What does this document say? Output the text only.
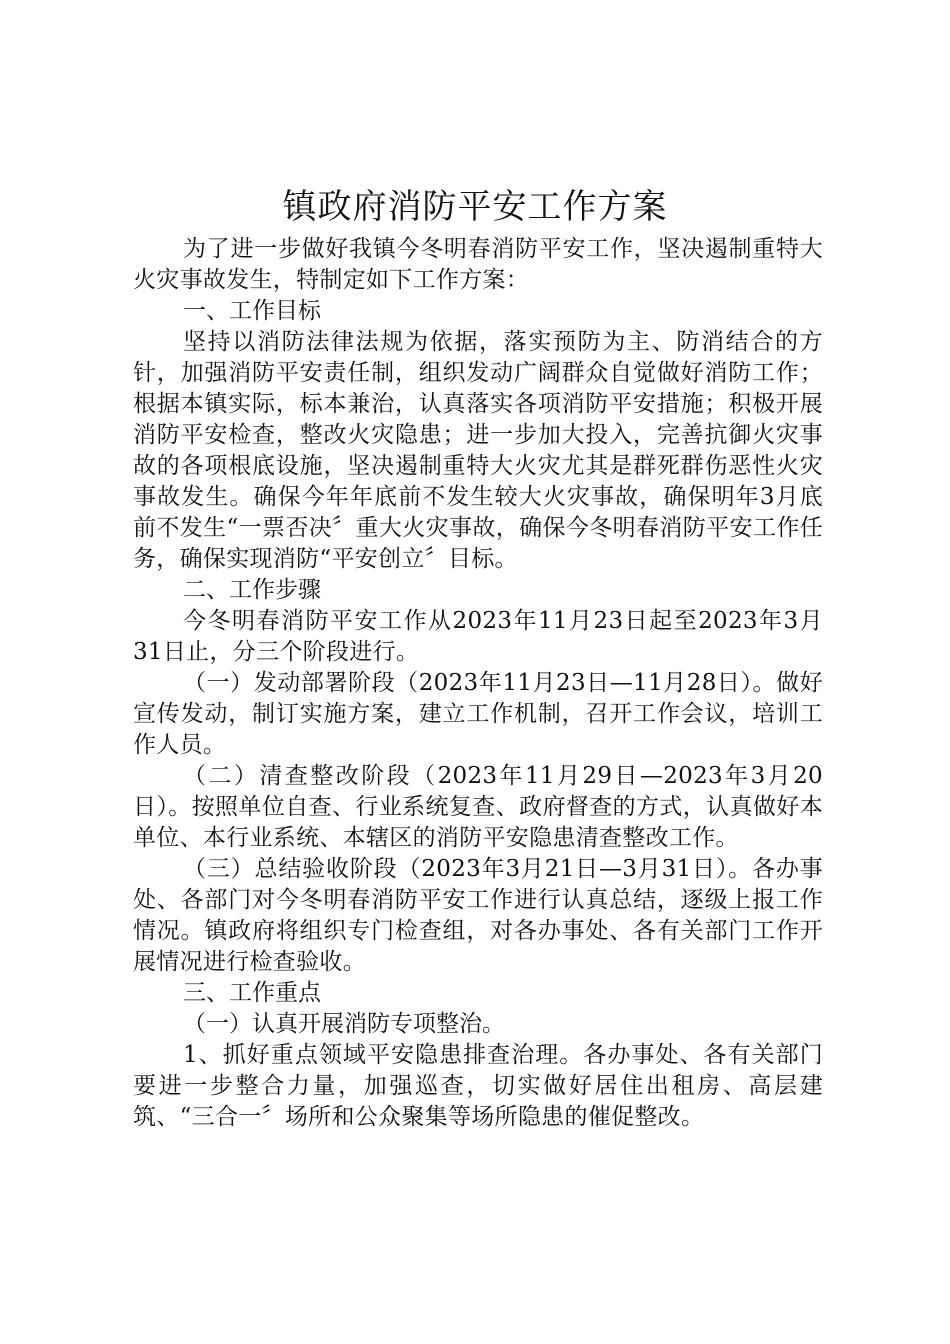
镇政府消防平安工作方案

为了进一步做好我镇今冬明春消防平安工作，坚决遏制重特大火灾事故发生，特制定如下工作方案：

一、工作目标

坚持以消防法律法规为依据，落实预防为主、防消结合的方针，加强消防平安责任制，组织发动广阔群众自觉做好消防工作；根据本镇实际，标本兼治，认真落实各项消防平安措施；积极开展消防平安检查，整改火灾隐患；进一步加大投入，完善抗御火灾事故的各项根底设施，坚决遏制重特大火灾尤其是群死群伤恶性火灾事故发生。确保今年年底前不发生较大火灾事故，确保明年3月底前不发生“一票否决〞重大火灾事故，确保今冬明春消防平安工作任务，确保实现消防“平安创立〞目标。

二、工作步骤

今冬明春消防平安工作从2023年11月23日起至2023年3月31日止，分三个阶段进行。

（一）发动部署阶段（2023年11月23日—11月28日）。做好宣传发动，制订实施方案，建立工作机制，召开工作会议，培训工作人员。

（二）清查整改阶段（2023年11月29日—2023年3月20日）。按照单位自查、行业系统复查、政府督查的方式，认真做好本单位、本行业系统、本辖区的消防平安隐患清查整改工作。

（三）总结验收阶段（2023年3月21日—3月31日）。各办事处、各部门对今冬明春消防平安工作进行认真总结，逐级上报工作情况。镇政府将组织专门检查组，对各办事处、各有关部门工作开展情况进行检查验收。

三、工作重点

（一）认真开展消防专项整治。

1、抓好重点领域平安隐患排查治理。各办事处、各有关部门要进一步整合力量，加强巡查，切实做好居住出租房、高层建筑、“三合一〞场所和公众聚集等场所隐患的催促整改。
